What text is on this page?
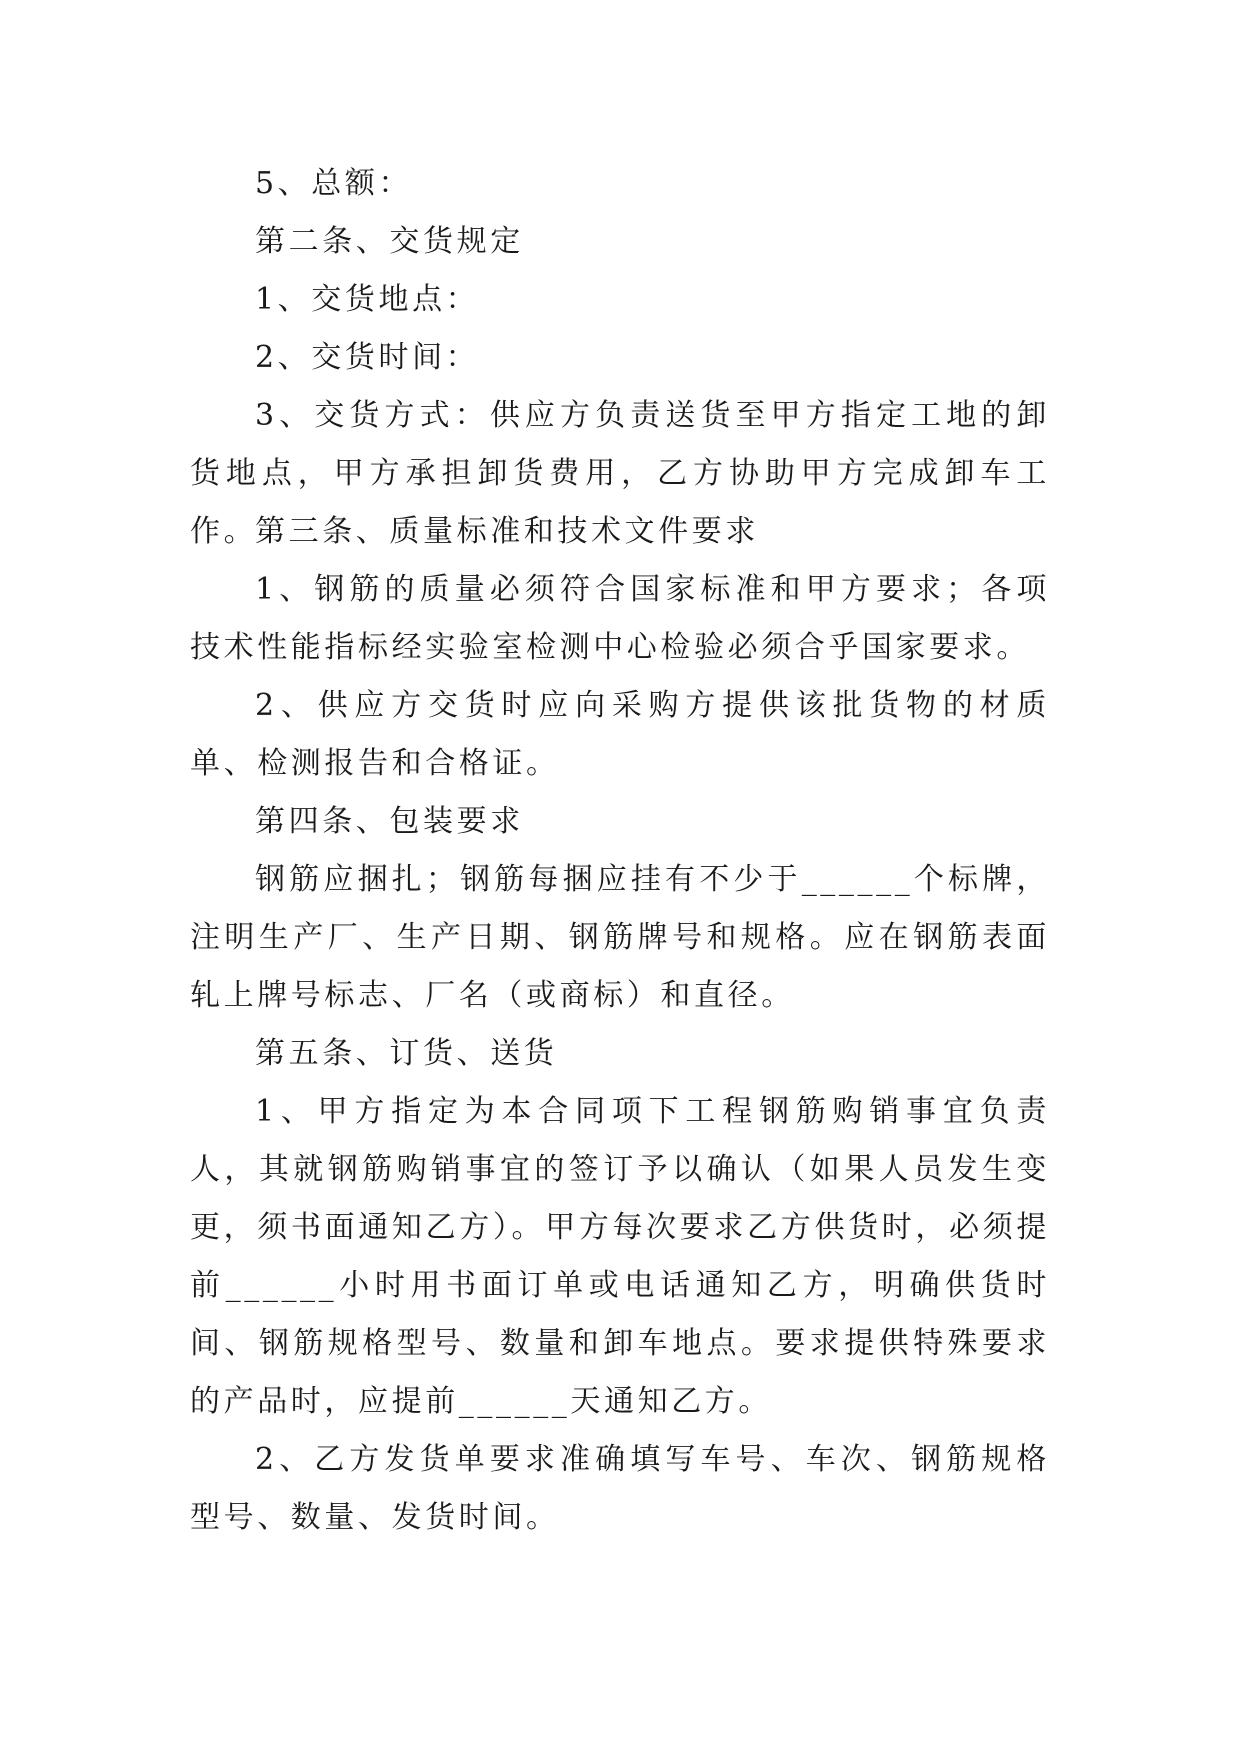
5、总额：

第二条、交货规定

1、交货地点：

2、交货时间：

3、交货方式：供应方负责送货至甲方指定工地的卸货地点，甲方承担卸货费用，乙方协助甲方完成卸车工作。

第三条、质量标准和技术文件要求

1、钢筋的质量必须符合国家标准和甲方要求；各项技术性能指标经实验室检测中心检验必须合乎国家要求。

2、供应方交货时应向采购方提供该批货物的材质单、检测报告和合格证。

第四条、包装要求

钢筋应捆扎；钢筋每捆应挂有不少于______个标牌，注明生产厂、生产日期、钢筋牌号和规格。应在钢筋表面轧上牌号标志、厂名（或商标）和直径。

第五条、订货、送货

1、甲方指定为本合同项下工程钢筋购销事宜负责人，其就钢筋购销事宜的签订予以确认（如果人员发生变更，须书面通知乙方）。甲方每次要求乙方供货时，必须提前______小时用书面订单或电话通知乙方，明确供货时间、钢筋规格型号、数量和卸车地点。要求提供特殊要求的产品时，应提前______天通知乙方。

2、乙方发货单要求准确填写车号、车次、钢筋规格型号、数量、发货时间。
